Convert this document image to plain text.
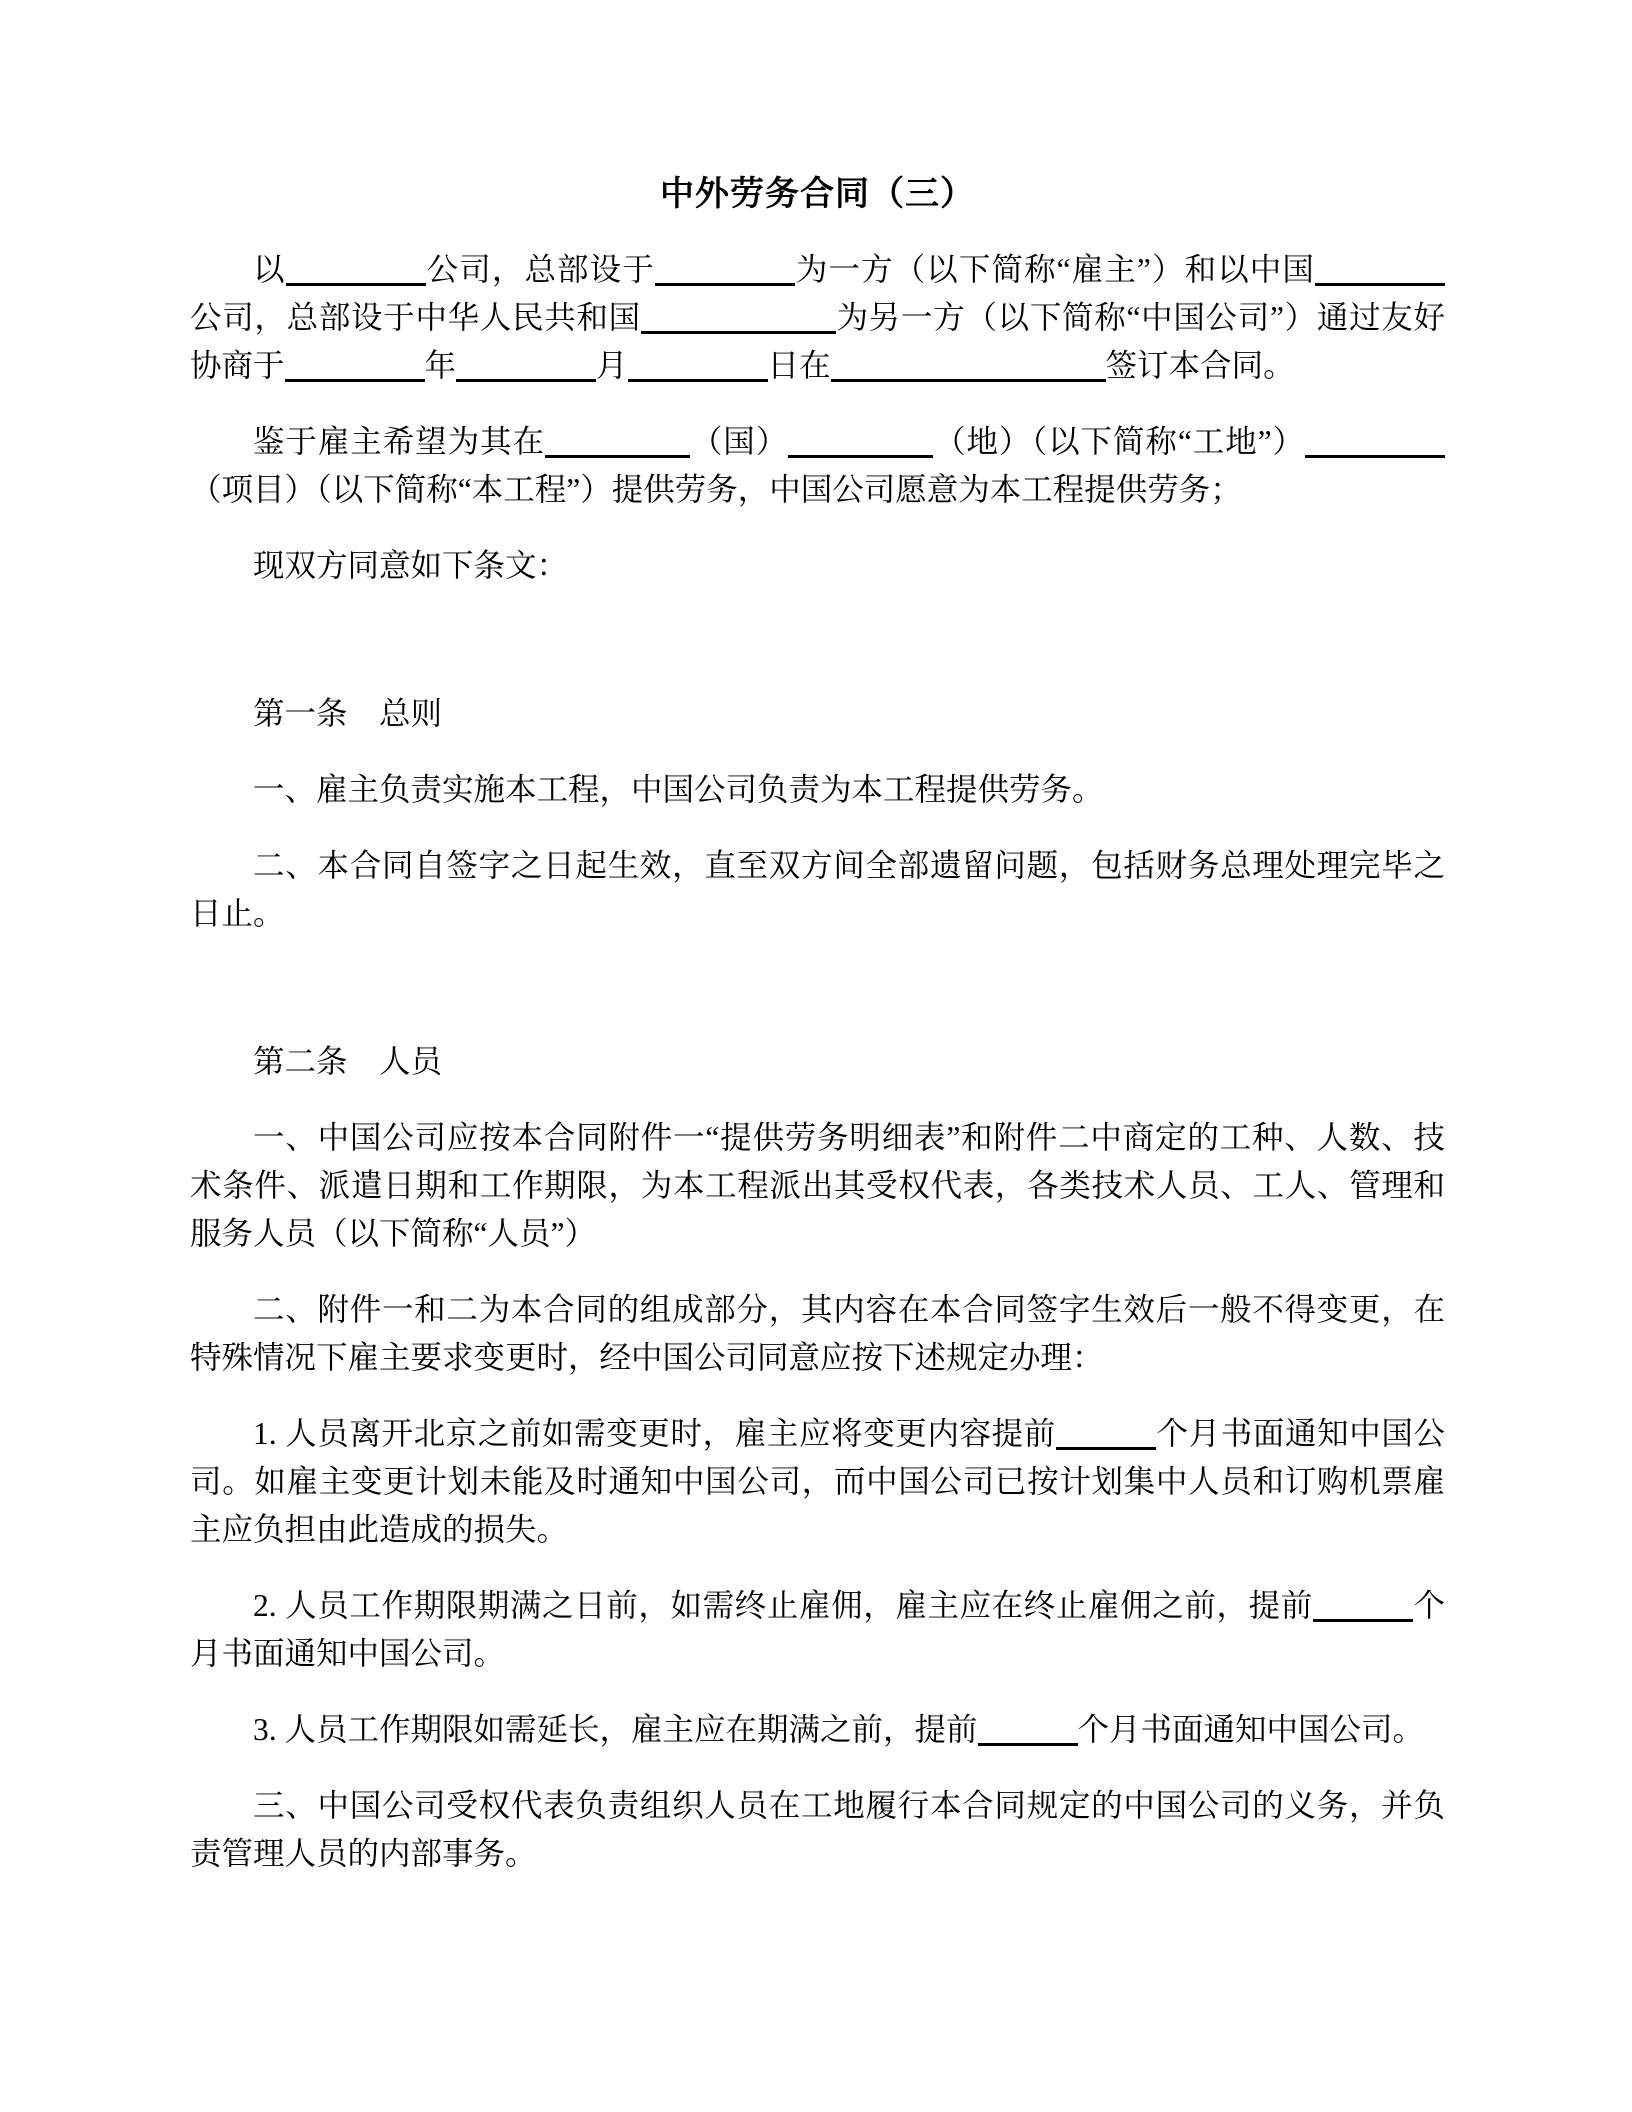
中外劳务合同（三）

以	公司，总部设于	为一方（以下简称“雇主”）和以中国公司，总部设于中华人民共和国	为另一方（以下简称“中国公司”）通过友好协商于	年	月	日在	签订本合同。

鉴于雇主希望为其在	（国）	（地）（以下简称“工地”）（项目）（以下简称“本工程”）提供劳务，中国公司愿意为本工程提供劳务；

现双方同意如下条文：

第一条　总则

一、雇主负责实施本工程，中国公司负责为本工程提供劳务。

二、本合同自签字之日起生效，直至双方间全部遗留问题，包括财务总理处理完毕之日止。

第二条　人员

一、中国公司应按本合同附件一“提供劳务明细表”和附件二中商定的工种、人数、技术条件、派遣日期和工作期限，为本工程派出其受权代表，各类技术人员、工人、管理和服务人员（以下简称“人员”）

二、附件一和二为本合同的组成部分，其内容在本合同签字生效后一般不得变更，在特殊情况下雇主要求变更时，经中国公司同意应按下述规定办理：

1. 人员离开北京之前如需变更时，雇主应将变更内容提前	个月书面通知中国公司。如雇主变更计划未能及时通知中国公司，而中国公司已按计划集中人员和订购机票雇主应负担由此造成的损失。

2. 人员工作期限期满之日前，如需终止雇佣，雇主应在终止雇佣之前，提前	个月书面通知中国公司。

3. 人员工作期限如需延长，雇主应在期满之前，提前	个月书面通知中国公司。

三、中国公司受权代表负责组织人员在工地履行本合同规定的中国公司的义务，并负责管理人员的内部事务。
